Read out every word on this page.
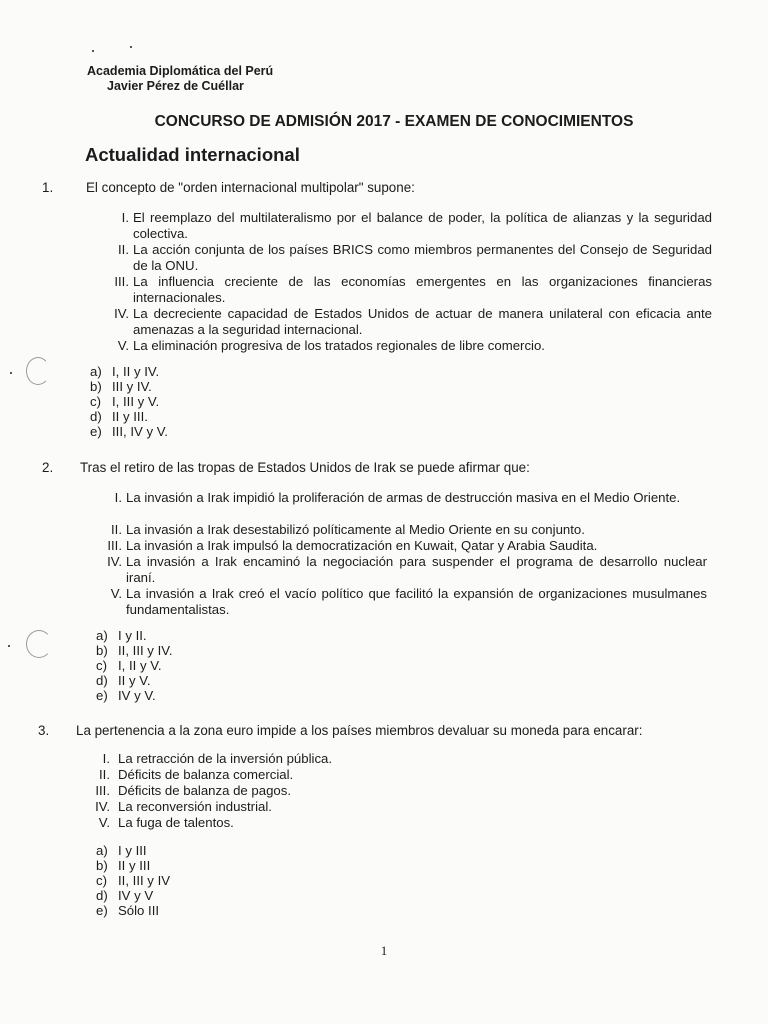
Academia Diplomática del Perú
Javier Pérez de Cuéllar
CONCURSO DE ADMISIÓN 2017 - EXAMEN DE CONOCIMIENTOS
Actualidad internacional
1. El concepto de "orden internacional multipolar" supone:
I. El reemplazo del multilateralismo por el balance de poder, la política de alianzas y la seguridad colectiva.
II. La acción conjunta de los países BRICS como miembros permanentes del Consejo de Seguridad de la ONU.
III. La influencia creciente de las economías emergentes en las organizaciones financieras internacionales.
IV. La decreciente capacidad de Estados Unidos de actuar de manera unilateral con eficacia ante amenazas a la seguridad internacional.
V. La eliminación progresiva de los tratados regionales de libre comercio.
a) I, II y IV.
b) III y IV.
c) I, III y V.
d) II y III.
e) III, IV y V.
2. Tras el retiro de las tropas de Estados Unidos de Irak se puede afirmar que:
I. La invasión a Irak impidió la proliferación de armas de destrucción masiva en el Medio Oriente.
II. La invasión a Irak desestabilizó políticamente al Medio Oriente en su conjunto.
III. La invasión a Irak impulsó la democratización en Kuwait, Qatar y Arabia Saudita.
IV. La invasión a Irak encaminó la negociación para suspender el programa de desarrollo nuclear iraní.
V. La invasión a Irak creó el vacío político que facilitó la expansión de organizaciones musulmanes fundamentalistas.
a) I y II.
b) II, III y IV.
c) I, II y V.
d) II y V.
e) IV y V.
3. La pertenencia a la zona euro impide a los países miembros devaluar su moneda para encarar:
I. La retracción de la inversión pública.
II. Déficits de balanza comercial.
III. Déficits de balanza de pagos.
IV. La reconversión industrial.
V. La fuga de talentos.
a) I y III
b) II y III
c) II, III y IV
d) IV y V
e) Sólo III
1
